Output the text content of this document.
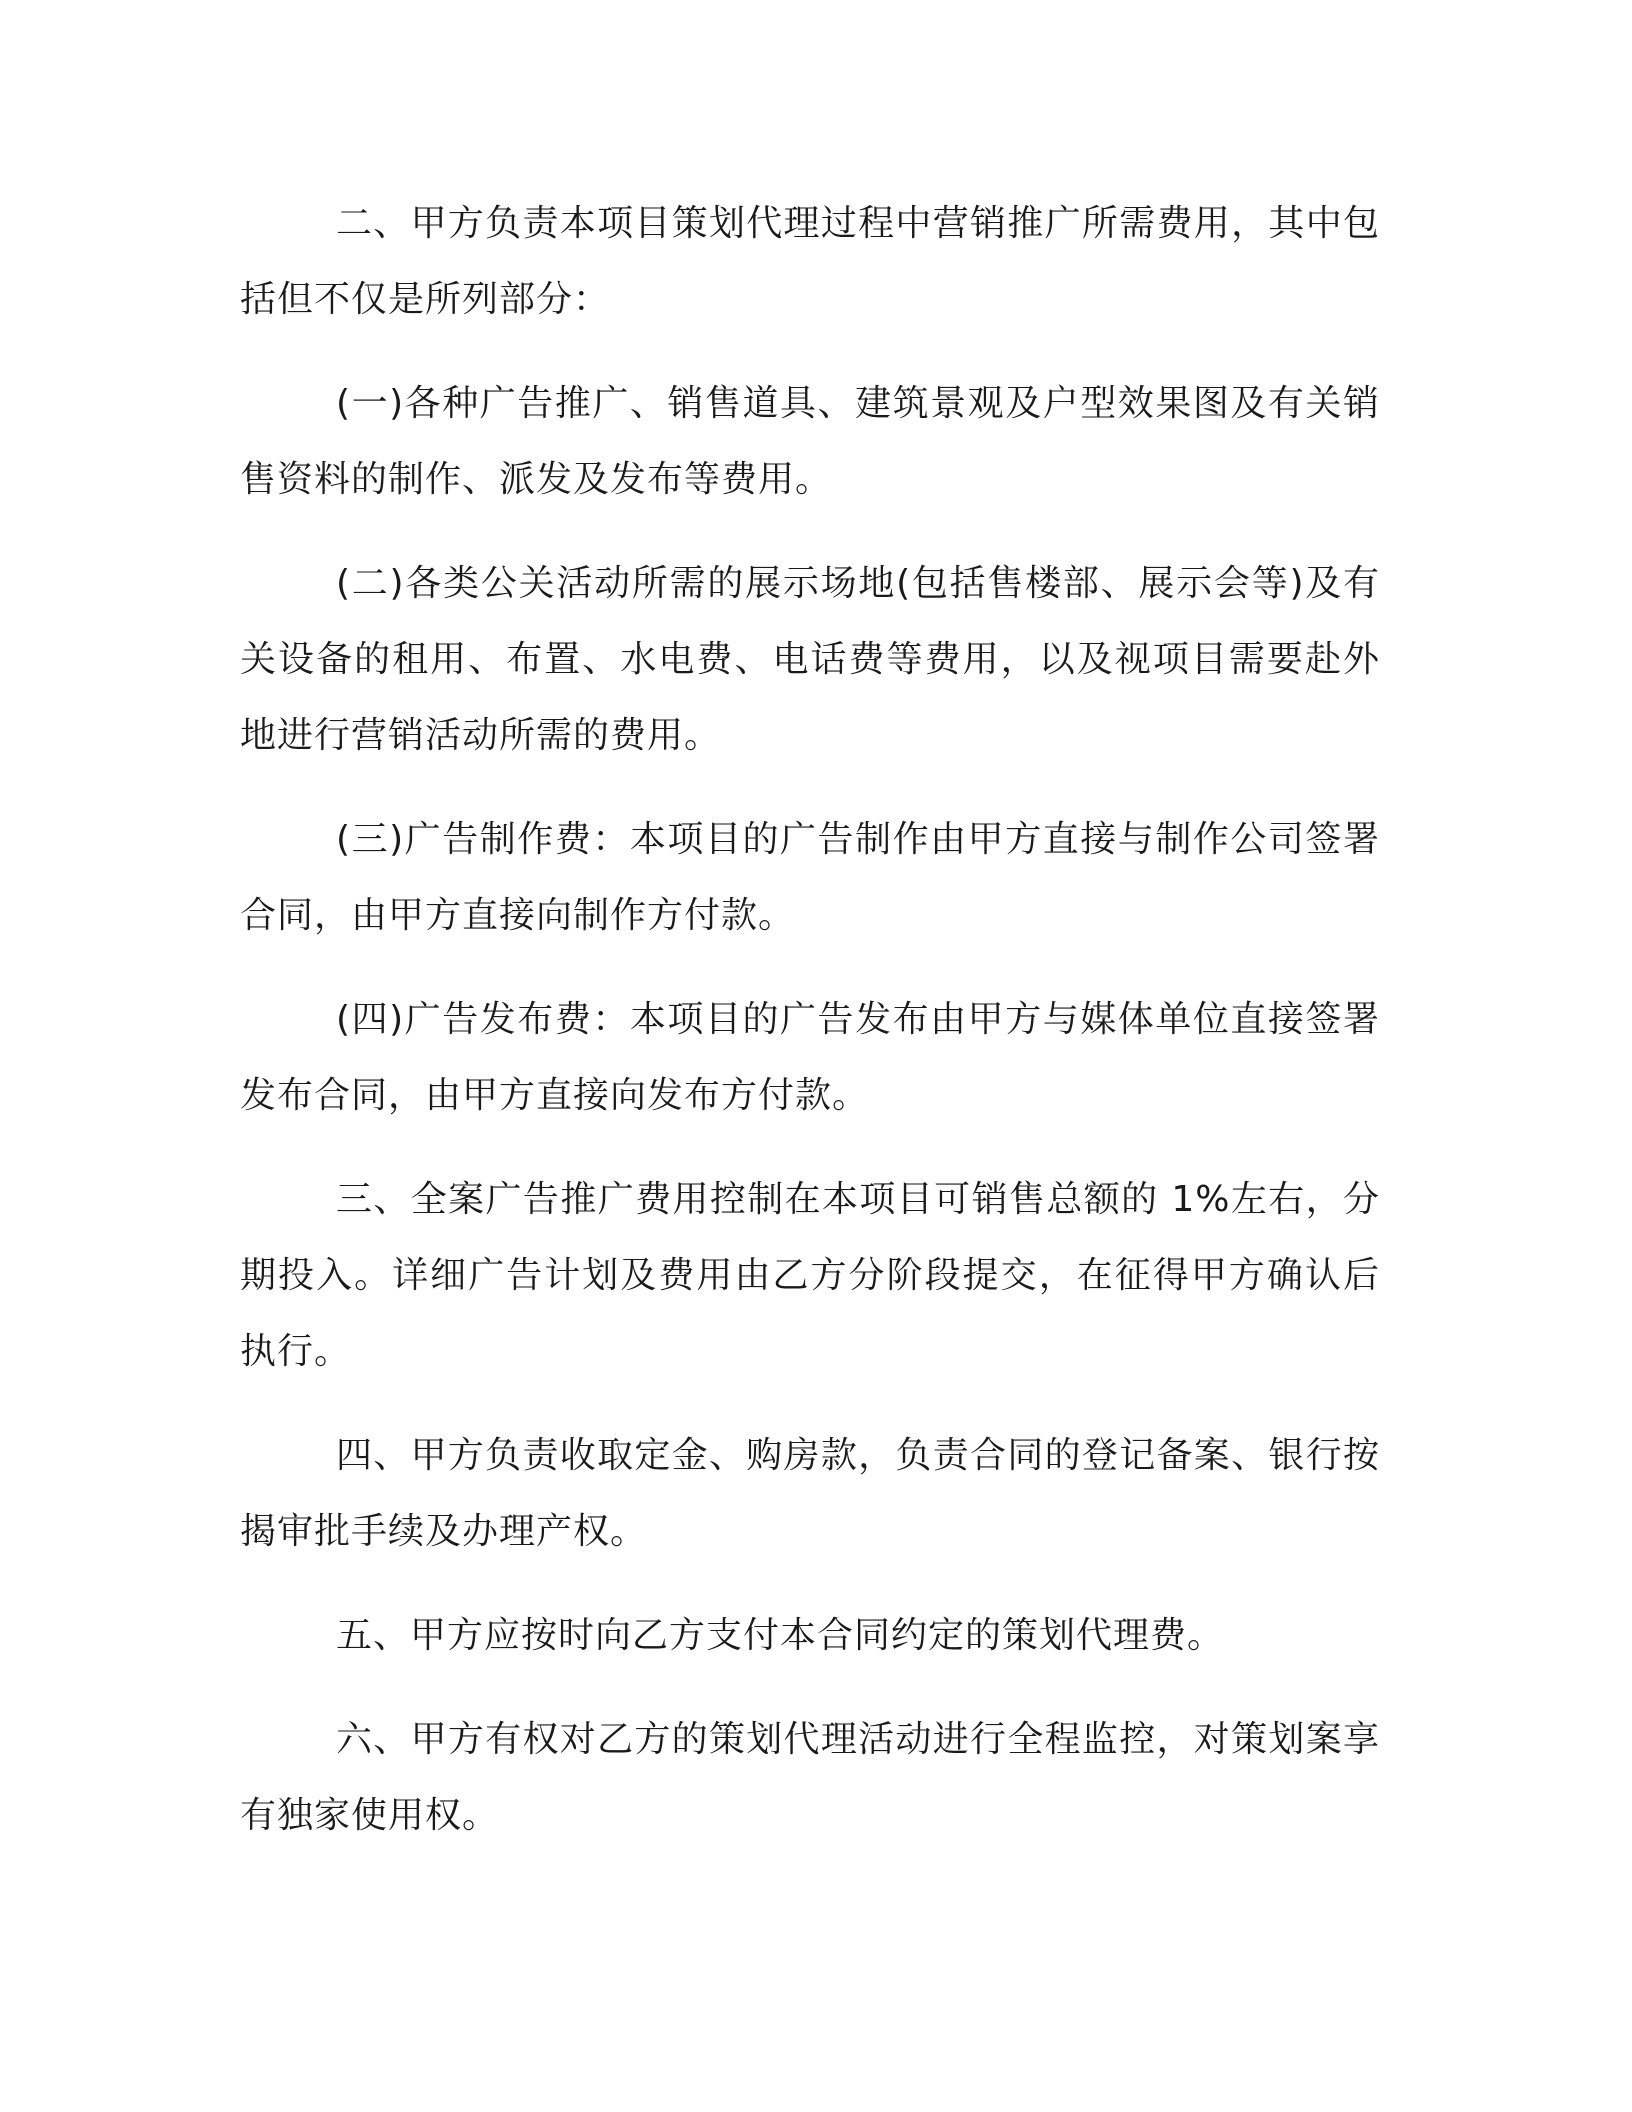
二、甲方负责本项目策划代理过程中营销推广所需费用，其中包括但不仅是所列部分：

(一)各种广告推广、销售道具、建筑景观及户型效果图及有关销售资料的制作、派发及发布等费用。

(二)各类公关活动所需的展示场地(包括售楼部、展示会等)及有关设备的租用、布置、水电费、电话费等费用，以及视项目需要赴外地进行营销活动所需的费用。

(三)广告制作费：本项目的广告制作由甲方直接与制作公司签署合同，由甲方直接向制作方付款。

(四)广告发布费：本项目的广告发布由甲方与媒体单位直接签署发布合同，由甲方直接向发布方付款。

三、全案广告推广费用控制在本项目可销售总额的 1%左右，分期投入。详细广告计划及费用由乙方分阶段提交，在征得甲方确认后执行。

四、甲方负责收取定金、购房款，负责合同的登记备案、银行按揭审批手续及办理产权。

五、甲方应按时向乙方支付本合同约定的策划代理费。

六、甲方有权对乙方的策划代理活动进行全程监控，对策划案享有独家使用权。
